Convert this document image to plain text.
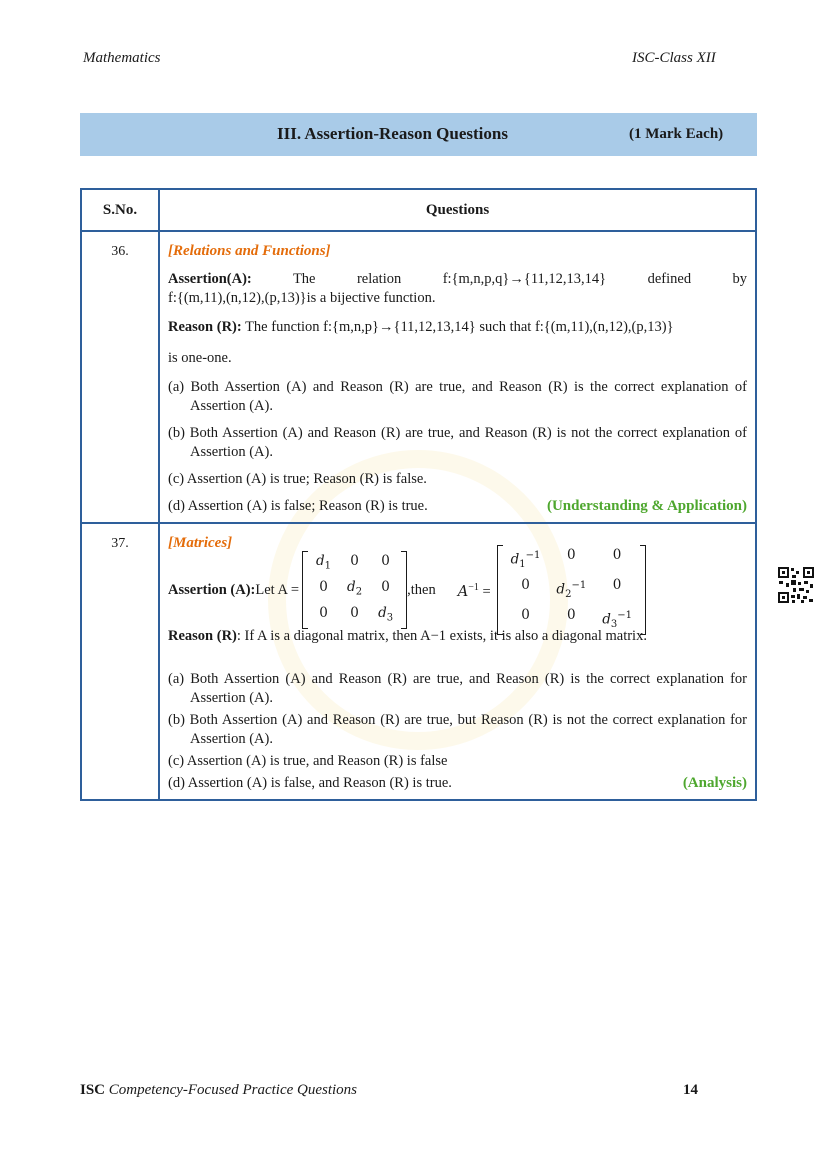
Mathematics	ISC-Class XII
III. Assertion-Reason Questions	(1 Mark Each)
S.No.	Questions
36.	[Relations and Functions]
Assertion(A):	The	relation	f:{m,n,p,q}→{11,12,13,14}	defined	by
f:{(m,11),(n,12),(p,13)}is a bijective function.
Reason (R): The function f:{m,n,p}→{11,12,13,14} such that f:{(m,11),(n,12),(p,13)}
is one-one.
(a) Both Assertion (A) and Reason (R) are true, and Reason (R) is the correct explanation of Assertion (A).
(b) Both Assertion (A) and Reason (R) are true, and Reason (R) is not the correct explanation of Assertion (A).
(c) Assertion (A) is true; Reason (R) is false.
(d) Assertion (A) is false; Reason (R) is true.	(Understanding & Application)

37.	[Matrices]
Assertion (A): Let A =
$d_1$	0	0
0	$d_2$	0
0	0	$d_3$
,then $A^{-1}$ =
$d_1^{-1}$	0	0
0	$d_2^{-1}$	0
0	0	$d_3^{-1}$
Reason (R): If A is a diagonal matrix, then A−1 exists, it is also a diagonal matrix.
(a) Both Assertion (A) and Reason (R) are true, and Reason (R) is the correct explanation for Assertion (A).
(b) Both Assertion (A) and Reason (R) are true, but Reason (R) is not the correct explanation for Assertion (A).
(c) Assertion (A) is true, and Reason (R) is false
(d) Assertion (A) is false, and Reason (R) is true.	(Analysis)
ISC Competency-Focused Practice Questions	14
